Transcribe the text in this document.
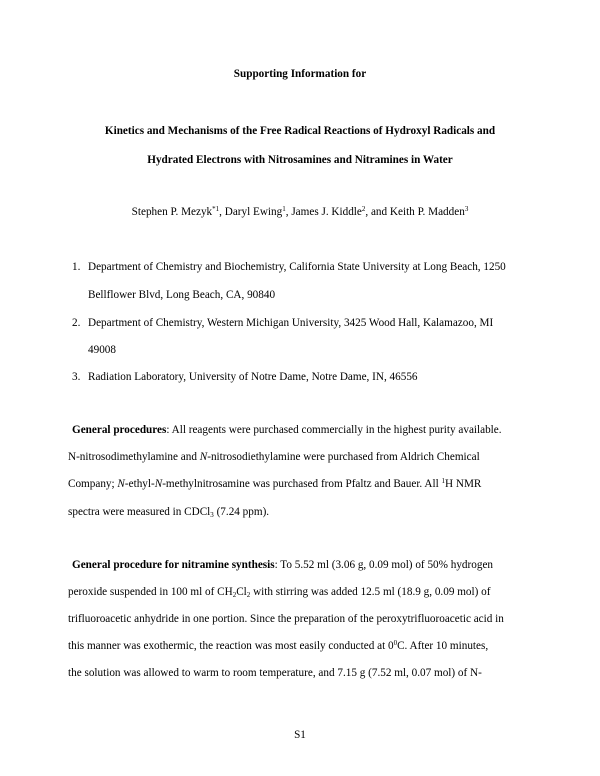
Supporting Information for
Kinetics and Mechanisms of the Free Radical Reactions of Hydroxyl Radicals and
Hydrated Electrons with Nitrosamines and Nitramines in Water
Stephen P. Mezyk$^{*1}$, Daryl Ewing$^1$, James J. Kiddle$^2$, and Keith P. Madden$^3$
1. Department of Chemistry and Biochemistry, California State University at Long Beach, 1250
Bellflower Blvd, Long Beach, CA, 90840
2. Department of Chemistry, Western Michigan University, 3425 Wood Hall, Kalamazoo, MI
49008
3. Radiation Laboratory, University of Notre Dame, Notre Dame, IN, 46556
General procedures: All reagents were purchased commercially in the highest purity available.
N-nitrosodimethylamine and N-nitrosodiethylamine were purchased from Aldrich Chemical
Company; N-ethyl-N-methylnitrosamine was purchased from Pfaltz and Bauer. All $^1$H NMR
spectra were measured in CDCl$_3$ (7.24 ppm).
General procedure for nitramine synthesis: To 5.52 ml (3.06 g, 0.09 mol) of 50% hydrogen
peroxide suspended in 100 ml of $CH_2Cl_2$ with stirring was added 12.5 ml (18.9 g, 0.09 mol) of
trifluoroacetic anhydride in one portion. Since the preparation of the peroxytrifluoroacetic acid in
this manner was exothermic, the reaction was most easily conducted at $0^0C$. After 10 minutes,
the solution was allowed to warm to room temperature, and 7.15 g (7.52 ml, 0.07 mol) of N-
S1
